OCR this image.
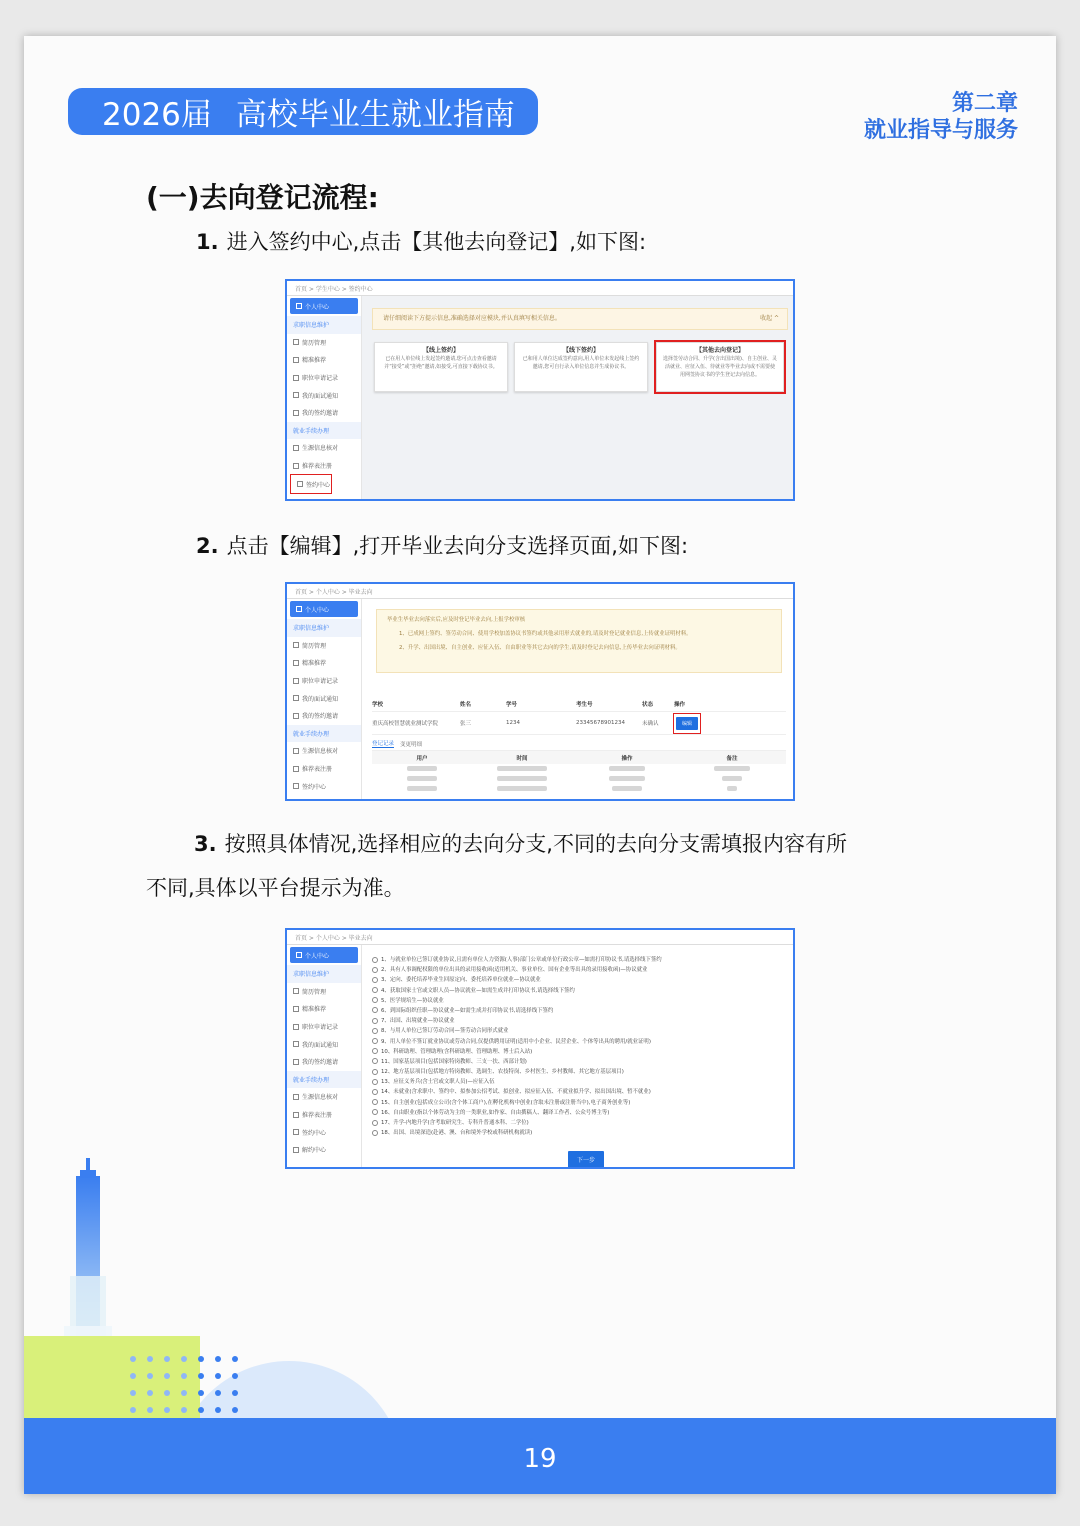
2026届 高校毕业生就业指南	第二章
就业指导与服务
(一)去向登记流程:
1. 进入签约中心,点击【其他去向登记】,如下图:
首页 > 学生中心 > 签约中心
个人中心
求职信息维护
简历管理
精准推荐
职位申请记录
我的面试通知
我的签约邀请
就业手续办理
生源信息核对
推荐表注册
签约中心
请仔细阅读下方提示信息,准确选择对应模块,并认真填写相关信息。	收起 ^
【线上签约】
已在用人单位线上发起签约邀请,您可点击查看邀请并“接受”或“拒绝”邀请,如接受,可直接下载协议书。
【线下签约】
已和用人单位达成签约意向,用人单位未发起线上签约邀请,您可自行录入单位信息并生成协议书。
【其他去向登记】
选择签劳动合同、升学(含出国出境)、自主创业、灵活就业、应征入伍、待就业等毕业去向或不需要使用网签协议书的学生登记去向信息。
2. 点击【编辑】,打开毕业去向分支选择页面,如下图:
首页 > 个人中心 > 毕业去向
个人中心
求职信息维护
简历管理
精准推荐
职位申请记录
我的面试通知
我的签约邀请
就业手续办理
生源信息核对
推荐表注册
签约中心
毕业生毕业去向落实后,应及时登记毕业去向,上报学校审核
1、已成网上签约、签劳动合同、使用学校加盖协议书签约或其他录用形式就业的,请及时登记就业信息,上传就业证明材料。
2、升学、出国出境、自主创业、应征入伍、自由职业等其它去向的学生,请及时登记去向信息,上传毕业去向证明材料。
学校	姓名	学号	考生号	状态	操作
重庆高校智慧就业测试学院	张三	1234	23345678901234	未确认	编辑
登记记录 变更明细
用户	时间	操作	备注
3. 按照具体情况,选择相应的去向分支,不同的去向分支需填报内容有所
不同,具体以平台提示为准。
首页 > 个人中心 > 毕业去向
个人中心
求职信息维护
简历管理
精准推荐
职位申请记录
我的面试通知
我的签约邀请
就业手续办理
生源信息核对
推荐表注册
签约中心
解约中心
1、与就业单位已签订就业协议,且需有单位人力资源(人事)部门公章或单位行政公章—如需打印协议书,请选择线下签约
2、具有人事调配权限的单位出具的录用接收函(适用机关、事业单位、国有企业等出具的录用接收函)—协议就业
3、定向、委托培养毕业生回原定向、委托培养单位就业—协议就业
4、获取国家士官或文职人员—协议就业—如需生成并打印协议书,请选择线下签约
5、医学规培生—协议就业
6、到国际组织任职—协议就业—如需生成并打印协议书,请选择线下签约
7、出国、出境就业—协议就业
8、与用人单位已签订劳动合同—签劳动合同形式就业
9、用人单位不签订就业协议或劳动合同,仅提供聘用证明(适用中小企业、民营企业、个体等出具的聘用/就业证明)
10、科研助理、管理助理(含科研助理、管理助理、博士后入站)
11、国家基层项目(包括国家特岗教师、三支一扶、西部计划)
12、地方基层项目(包括地方特岗教师、选调生、农技特岗、乡村医生、乡村教师、其它地方基层项目)
13、应征义务兵(含士官或文职人员)—应征入伍
14、未就业(含求职中、签约中、拟参加公招考试、拟创业、拟应征入伍、不就业拟升学、拟出国出境、暂不就业)
15、自主创业(包括成立公司(含个体工商户),在孵化机构中创业(含取未注册或注册当中),电子商务创业等)
16、自由职业(指以个体劳动为主的一类职业,如作家、自由撰稿人、翻译工作者、公众号博主等)
17、升学-内地升学(含考取研究生、专科升普通本科、二学位)
18、出国、出境深造(赴港、澳、台和境外学校或科研机构就读)
下一步
19
